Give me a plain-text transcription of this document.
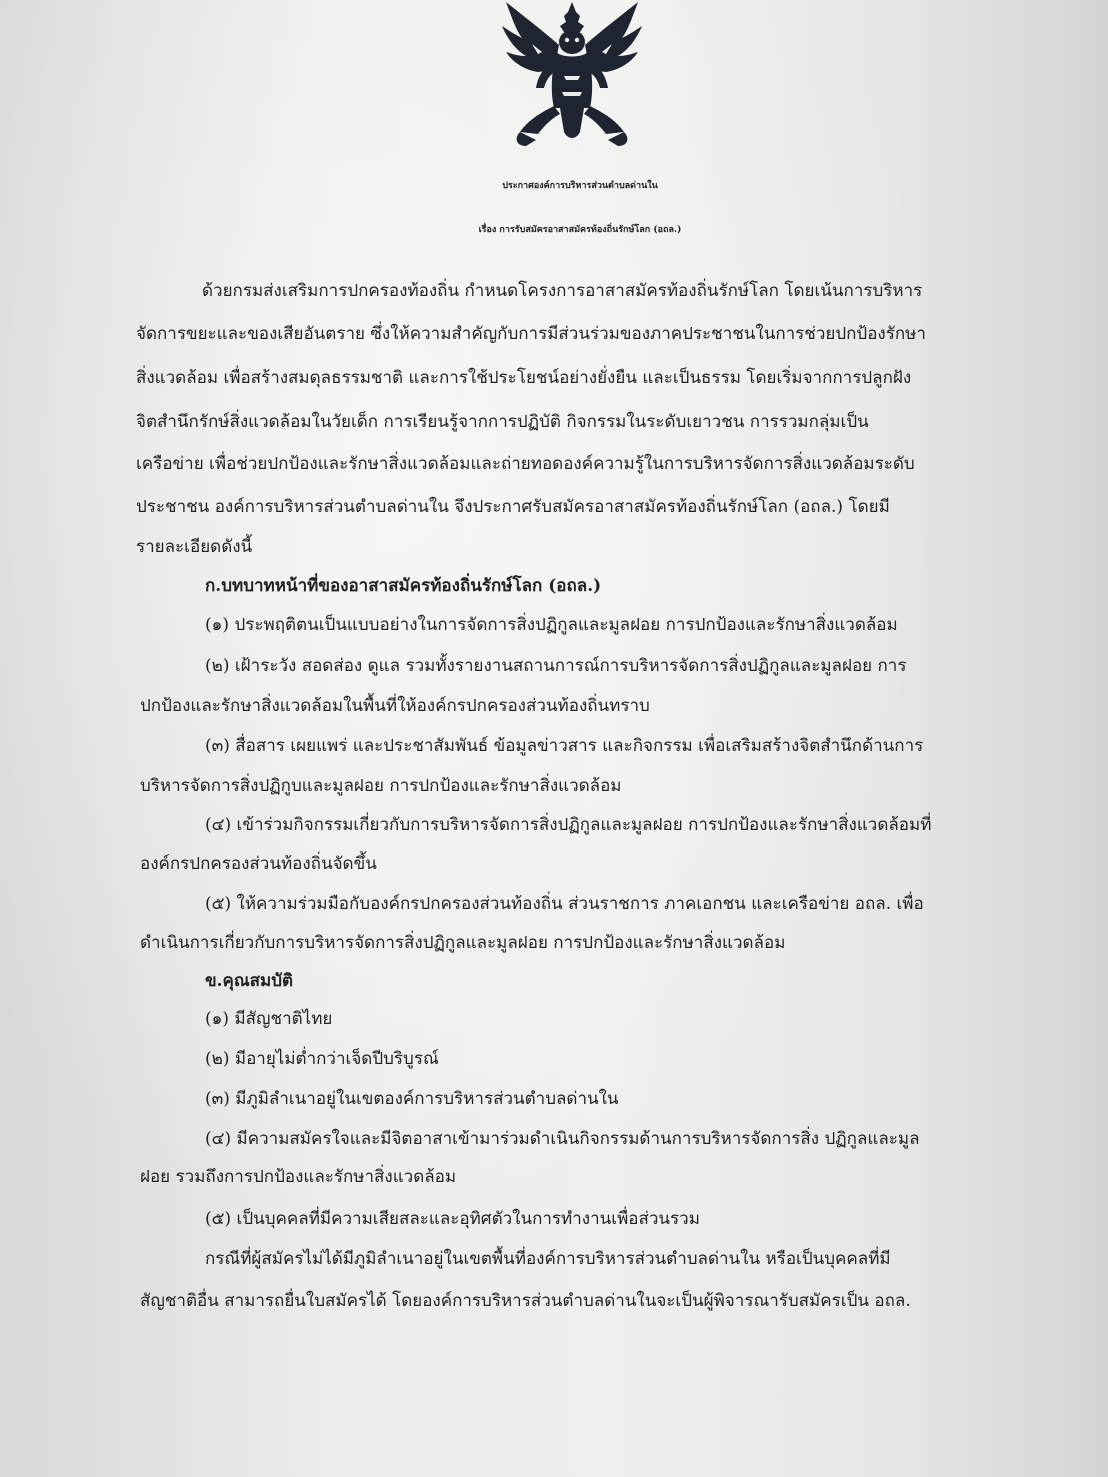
ประกาศองค์การบริหารส่วนตำบลด่านใน
เรื่อง การรับสมัครอาสาสมัครท้องถิ่นรักษ์โลก (อถล.)
ด้วยกรมส่งเสริมการปกครองท้องถิ่น กำหนดโครงการอาสาสมัครท้องถิ่นรักษ์โลก โดยเน้นการบริหาร
จัดการขยะและของเสียอันตราย ซึ่งให้ความสำคัญกับการมีส่วนร่วมของภาคประชาชนในการช่วยปกป้องรักษา
สิ่งแวดล้อม เพื่อสร้างสมดุลธรรมชาติ และการใช้ประโยชน์อย่างยั่งยืน และเป็นธรรม โดยเริ่มจากการปลูกฝัง
จิตสำนึกรักษ์สิ่งแวดล้อมในวัยเด็ก การเรียนรู้จากการปฏิบัติ กิจกรรมในระดับเยาวชน การรวมกลุ่มเป็น
เครือข่าย เพื่อช่วยปกป้องและรักษาสิ่งแวดล้อมและถ่ายทอดองค์ความรู้ในการบริหารจัดการสิ่งแวดล้อมระดับ
ประชาชน องค์การบริหารส่วนตำบลด่านใน จึงประกาศรับสมัครอาสาสมัครท้องถิ่นรักษ์โลก (อถล.) โดยมี
รายละเอียดดังนี้
ก.บทบาทหน้าที่ของอาสาสมัครท้องถิ่นรักษ์โลก (อถล.)
(๑) ประพฤติตนเป็นแบบอย่างในการจัดการสิ่งปฏิกูลและมูลฝอย การปกป้องและรักษาสิ่งแวดล้อม
(๒) เฝ้าระวัง สอดส่อง ดูแล รวมทั้งรายงานสถานการณ์การบริหารจัดการสิ่งปฏิกูลและมูลฝอย การ
ปกป้องและรักษาสิ่งแวดล้อมในพื้นที่ให้องค์กรปกครองส่วนท้องถิ่นทราบ
(๓) สื่อสาร เผยแพร่ และประชาสัมพันธ์ ข้อมูลข่าวสาร และกิจกรรม เพื่อเสริมสร้างจิตสำนึกด้านการ
บริหารจัดการสิ่งปฏิกูบและมูลฝอย การปกป้องและรักษาสิ่งแวดล้อม
(๔) เข้าร่วมกิจกรรมเกี่ยวกับการบริหารจัดการสิ่งปฏิกูลและมูลฝอย การปกป้องและรักษาสิ่งแวดล้อมที่
องค์กรปกครองส่วนท้องถิ่นจัดขึ้น
(๕) ให้ความร่วมมือกับองค์กรปกครองส่วนท้องถิ่น ส่วนราชการ ภาคเอกชน และเครือข่าย อถล. เพื่อ
ดำเนินการเกี่ยวกับการบริหารจัดการสิ่งปฏิกูลและมูลฝอย การปกป้องและรักษาสิ่งแวดล้อม
ข.คุณสมบัติ
(๑) มีสัญชาติไทย
(๒) มีอายุไม่ต่ำกว่าเจ็ดปีบริบูรณ์
(๓) มีภูมิลำเนาอยู่ในเขตองค์การบริหารส่วนตำบลด่านใน
(๔) มีความสมัครใจและมีจิตอาสาเข้ามาร่วมดำเนินกิจกรรมด้านการบริหารจัดการสิ่ง ปฏิกูลและมูล
ฝอย รวมถึงการปกป้องและรักษาสิ่งแวดล้อม
(๕) เป็นบุคคลที่มีความเสียสละและอุทิศตัวในการทำงานเพื่อส่วนรวม
กรณีที่ผู้สมัครไม่ได้มีภูมิลำเนาอยู่ในเขตพื้นที่องค์การบริหารส่วนตำบลด่านใน หรือเป็นบุคคลที่มี
สัญชาติอื่น สามารถยื่นใบสมัครได้ โดยองค์การบริหารส่วนตำบลด่านในจะเป็นผู้พิจารณารับสมัครเป็น อถล.
